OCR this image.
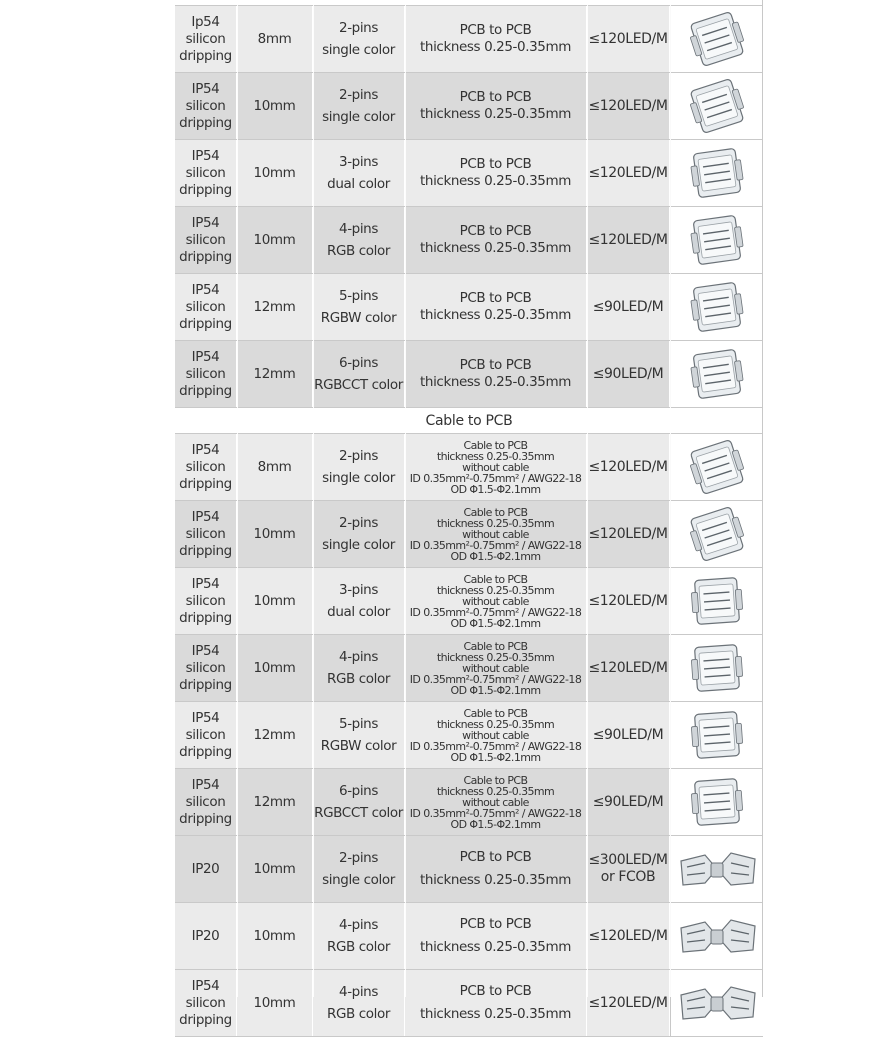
Ip54 silicon
dripping
8mm
2-pins
single color
PCB to PCB
thickness 0.25-0.35mm
≤120LED/M
IP54 silicon
dripping
10mm
2-pins
single color
PCB to PCB
thickness 0.25-0.35mm
≤120LED/M
IP54 silicon
dripping
10mm
3-pins
dual color
PCB to PCB
thickness 0.25-0.35mm
≤120LED/M
IP54 silicon
dripping
10mm
4-pins
RGB color
PCB to PCB
thickness 0.25-0.35mm
≤120LED/M
IP54 silicon
dripping
12mm
5-pins
RGBW color
PCB to PCB
thickness 0.25-0.35mm
≤90LED/M
IP54 silicon
dripping
12mm
6-pins
RGBCCT color
PCB to PCB
thickness 0.25-0.35mm
≤90LED/M
Cable to PCB
IP54 silicon
dripping
8mm
2-pins
single color
Cable to PCB
thickness 0.25-0.35mm
without cable
ID 0.35mm²-0.75mm² / AWG22-18
OD Φ1.5-Φ2.1mm
≤120LED/M
IP54 silicon
dripping
10mm
2-pins
single color
Cable to PCB
thickness 0.25-0.35mm
without cable
ID 0.35mm²-0.75mm² / AWG22-18
OD Φ1.5-Φ2.1mm
≤120LED/M
IP54 silicon
dripping
10mm
3-pins
dual color
Cable to PCB
thickness 0.25-0.35mm
without cable
ID 0.35mm²-0.75mm² / AWG22-18
OD Φ1.5-Φ2.1mm
≤120LED/M
IP54 silicon
dripping
10mm
4-pins
RGB color
Cable to PCB
thickness 0.25-0.35mm
without cable
ID 0.35mm²-0.75mm² / AWG22-18
OD Φ1.5-Φ2.1mm
≤120LED/M
IP54 silicon
dripping
12mm
5-pins
RGBW color
Cable to PCB
thickness 0.25-0.35mm
without cable
ID 0.35mm²-0.75mm² / AWG22-18
OD Φ1.5-Φ2.1mm
≤90LED/M
IP54 silicon
dripping
12mm
6-pins
RGBCCT color
Cable to PCB
thickness 0.25-0.35mm
without cable
ID 0.35mm²-0.75mm² / AWG22-18
OD Φ1.5-Φ2.1mm
≤90LED/M
IP20	10mm
2-pins
single color
PCB to PCB
thickness 0.25-0.35mm
≤300LED/M
or FCOB
IP20	10mm
4-pins
RGB color
PCB to PCB
thickness 0.25-0.35mm
≤120LED/M
IP54 silicon
dripping
10mm
4-pins
RGB color
PCB to PCB
thickness 0.25-0.35mm
≤120LED/M
